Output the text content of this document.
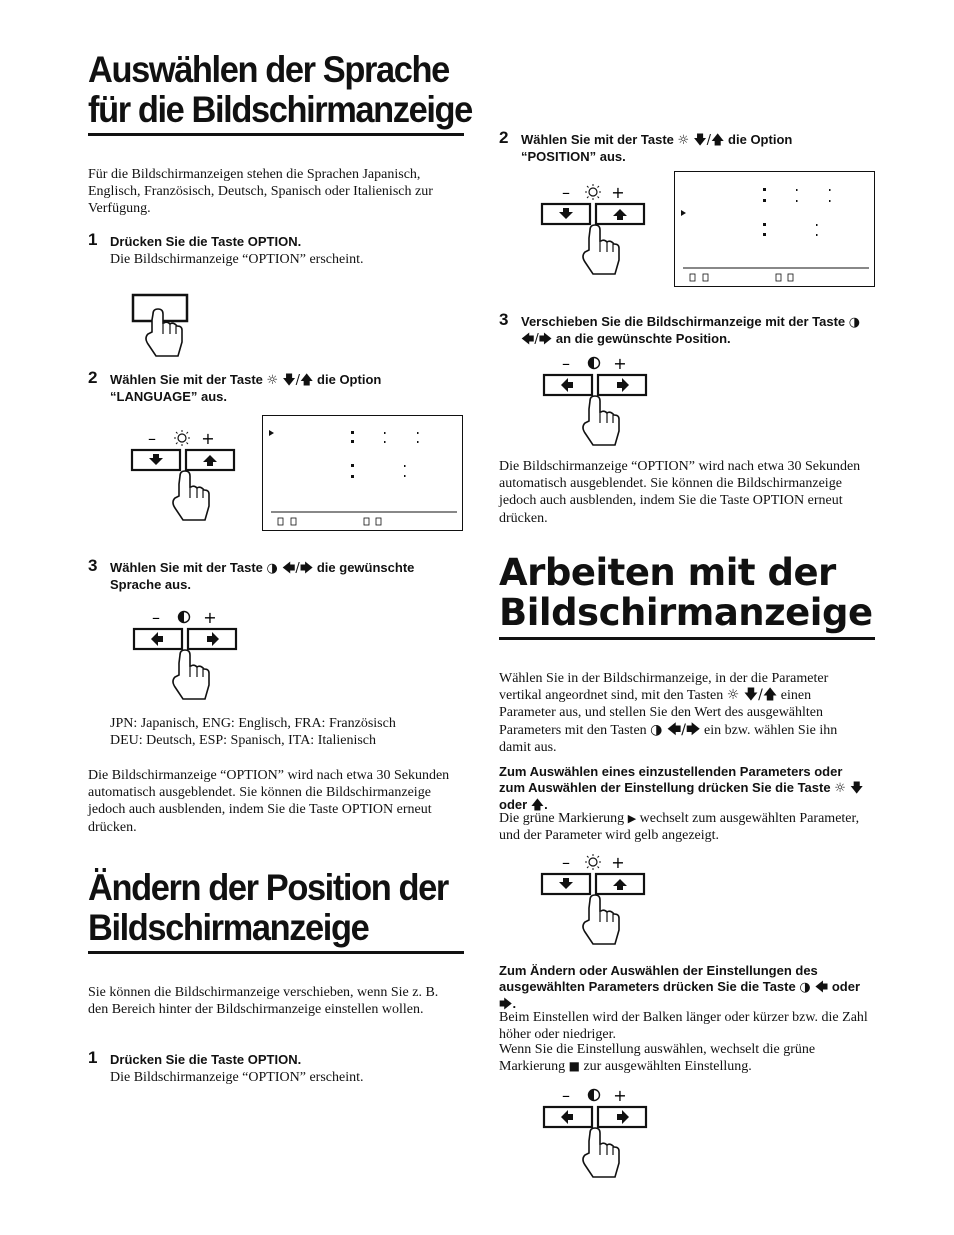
Auswählen der Sprache
für die Bildschirmanzeige
Für die Bildschirmanzeigen stehen die Sprachen Japanisch, Englisch, Französisch, Deutsch, Spanisch oder Italienisch zur Verfügung.
1 Drücken Sie die Taste OPTION.
Die Bildschirmanzeige “OPTION” erscheint.
2 Wählen Sie mit der Taste ☼ 🡇/🡅 die Option “LANGUAGE” aus.
–	+
3 Wählen Sie mit der Taste ◑ 🡄/🡆 die gewünschte Sprache aus.
–	+
JPN: Japanisch, ENG: Englisch, FRA: Französisch
DEU: Deutsch, ESP: Spanisch, ITA: Italienisch
Die Bildschirmanzeige “OPTION” wird nach etwa 30 Sekunden automatisch ausgeblendet. Sie können die Bildschirmanzeige jedoch auch ausblenden, indem Sie die Taste OPTION erneut drücken.
Ändern der Position der
Bildschirmanzeige
Sie können die Bildschirmanzeige verschieben, wenn Sie z. B. den Bereich hinter der Bildschirmanzeige einstellen wollen.
1 Drücken Sie die Taste OPTION.
Die Bildschirmanzeige “OPTION” erscheint.
2 Wählen Sie mit der Taste ☼ 🡇/🡅 die Option “POSITION” aus.
–	+
3 Verschieben Sie die Bildschirmanzeige mit der Taste ◑ 🡄/🡆 an die gewünschte Position.
–	+
Die Bildschirmanzeige “OPTION” wird nach etwa 30 Sekunden automatisch ausgeblendet. Sie können die Bildschirmanzeige jedoch auch ausblenden, indem Sie die Taste OPTION erneut drücken.
Arbeiten mit der
Bildschirmanzeige
Wählen Sie in der Bildschirmanzeige, in der die Parameter vertikal angeordnet sind, mit den Tasten ☼ 🡇/🡅 einen Parameter aus, und stellen Sie den Wert des ausgewählten Parameters mit den Tasten ◑ 🡄/🡆 ein bzw. wählen Sie ihn damit aus.
Zum Auswählen eines einzustellenden Parameters oder zum Auswählen der Einstellung drücken Sie die Taste ☼ 🡇 oder 🡅.
Die grüne Markierung ▶ wechselt zum ausgewählten Parameter, und der Parameter wird gelb angezeigt.
–	+
Zum Ändern oder Auswählen der Einstellungen des ausgewählten Parameters drücken Sie die Taste ◑ 🡄 oder 🡆.
Beim Einstellen wird der Balken länger oder kürzer bzw. die Zahl höher oder niedriger.
Wenn Sie die Einstellung auswählen, wechselt die grüne Markierung ■ zur ausgewählten Einstellung.
–	+
